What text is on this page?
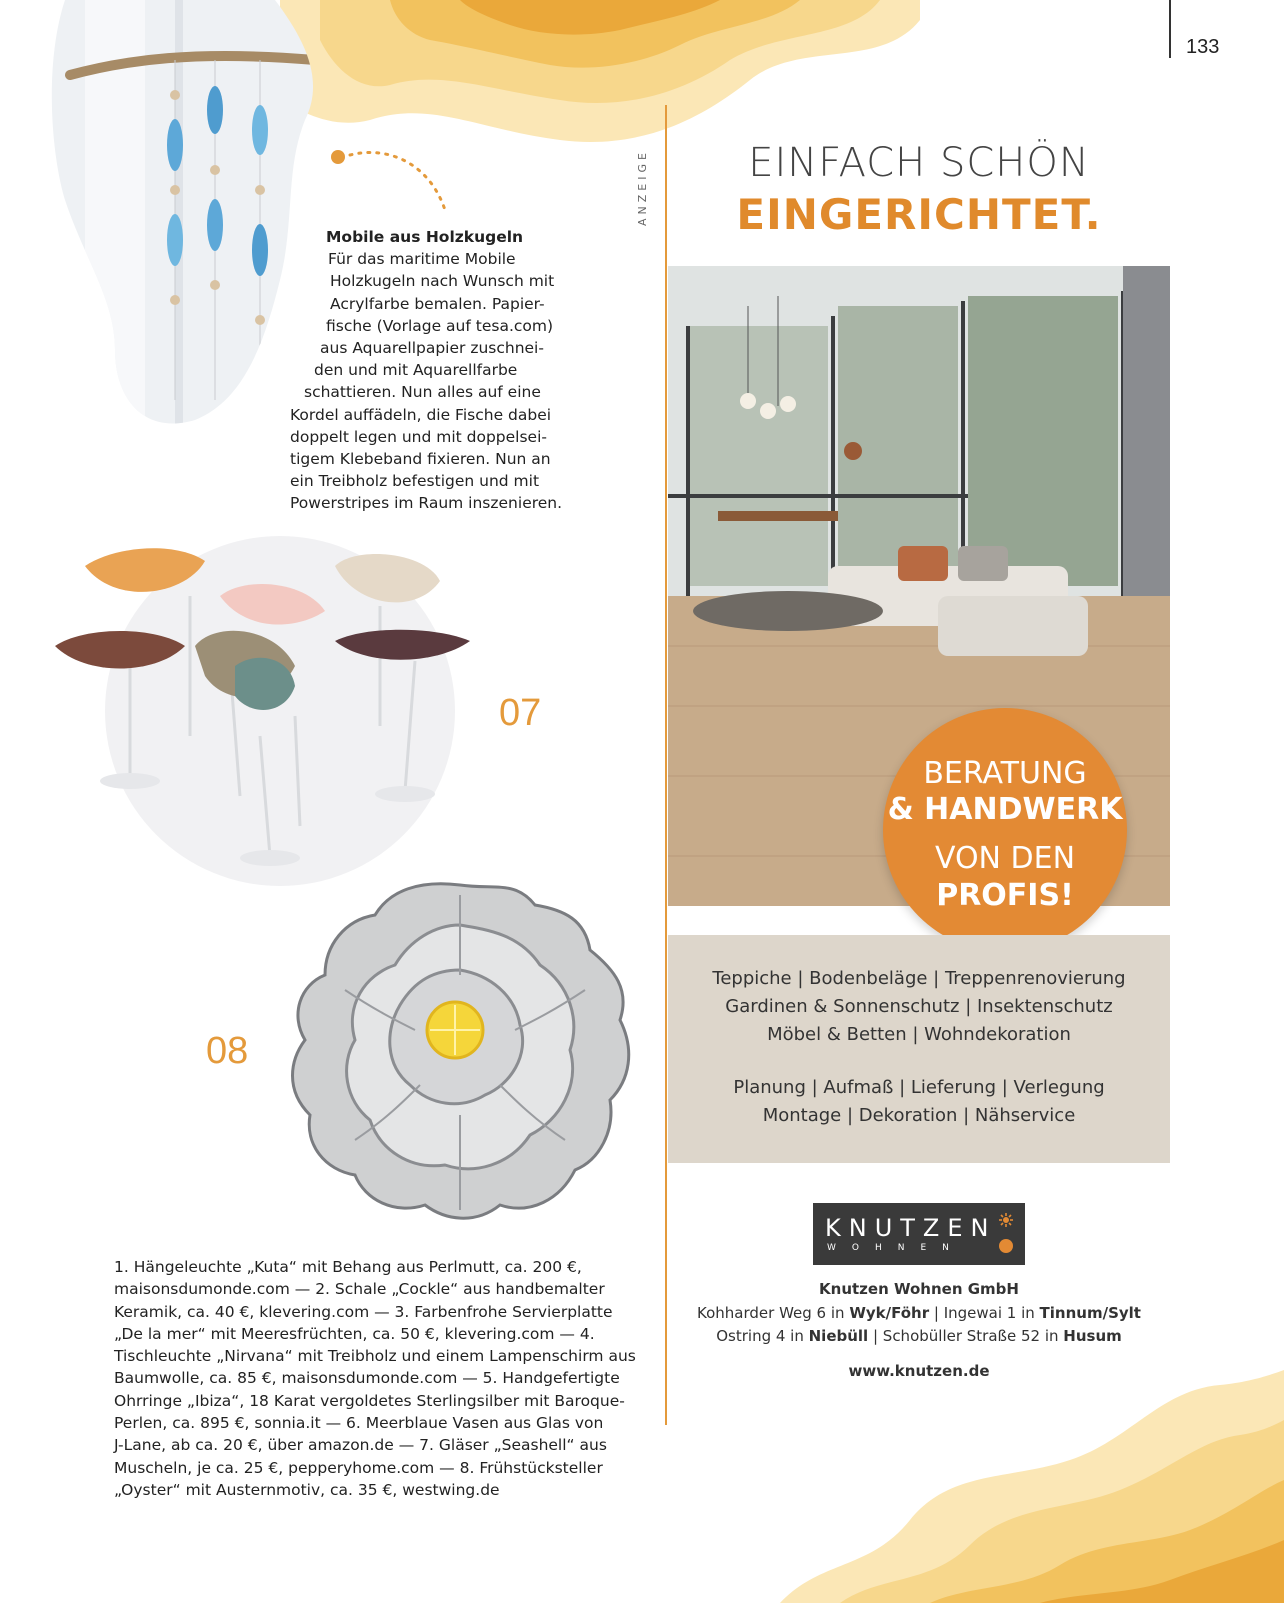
133
Mobile aus Holzkugeln
Für das maritime Mobile
Holzkugeln nach Wunsch mit
Acrylfarbe bemalen. Papier-
fische (Vorlage auf tesa.com)
aus Aquarellpapier zuschnei-
den und mit Aquarellfarbe
schattieren. Nun alles auf eine
Kordel auffädeln, die Fische dabei
doppelt legen und mit doppelsei-
tigem Klebeband fixieren. Nun an
ein Treibholz befestigen und mit
Powerstripes im Raum inszenieren.
07
08
1. Hängeleuchte „Kuta“ mit Behang aus Perlmutt, ca. 200 €,
maisonsdumonde.com — 2. Schale „Cockle“ aus handbemalter
Keramik, ca. 40 €, klevering.com — 3. Farbenfrohe Servierplatte
„De la mer“ mit Meeresfrüchten, ca. 50 €, klevering.com — 4.
Tischleuchte „Nirvana“ mit Treibholz und einem Lampenschirm aus
Baumwolle, ca. 85 €, maisonsdumonde.com — 5. Handgefertigte
Ohrringe „Ibiza“, 18 Karat vergoldetes Sterlingsilber mit Baroque-
Perlen, ca. 895 €, sonnia.it — 6. Meerblaue Vasen aus Glas von
J-Lane, ab ca. 20 €, über amazon.de — 7. Gläser „Seashell“ aus
Muscheln, je ca. 25 €, pepperyhome.com — 8. Frühstücksteller
„Oyster“ mit Austernmotiv, ca. 35 €, westwing.de
ANZEIGE	EINFACH SCHÖN
EINGERICHTET.
BERATUNG
& HANDWERK
VON DEN
PROFIS!
Teppiche | Bodenbeläge | Treppenrenovierung
Gardinen & Sonnenschutz | Insektenschutz
Möbel & Betten | Wohndekoration
Planung | Aufmaß | Lieferung | Verlegung
Montage | Dekoration | Nähservice
KNUTZEN
WOHNEN
Knutzen Wohnen GmbH
Kohharder Weg 6 in Wyk/Föhr | Ingewai 1 in Tinnum/Sylt
Ostring 4 in Niebüll | Schobüller Straße 52 in Husum
www.knutzen.de
